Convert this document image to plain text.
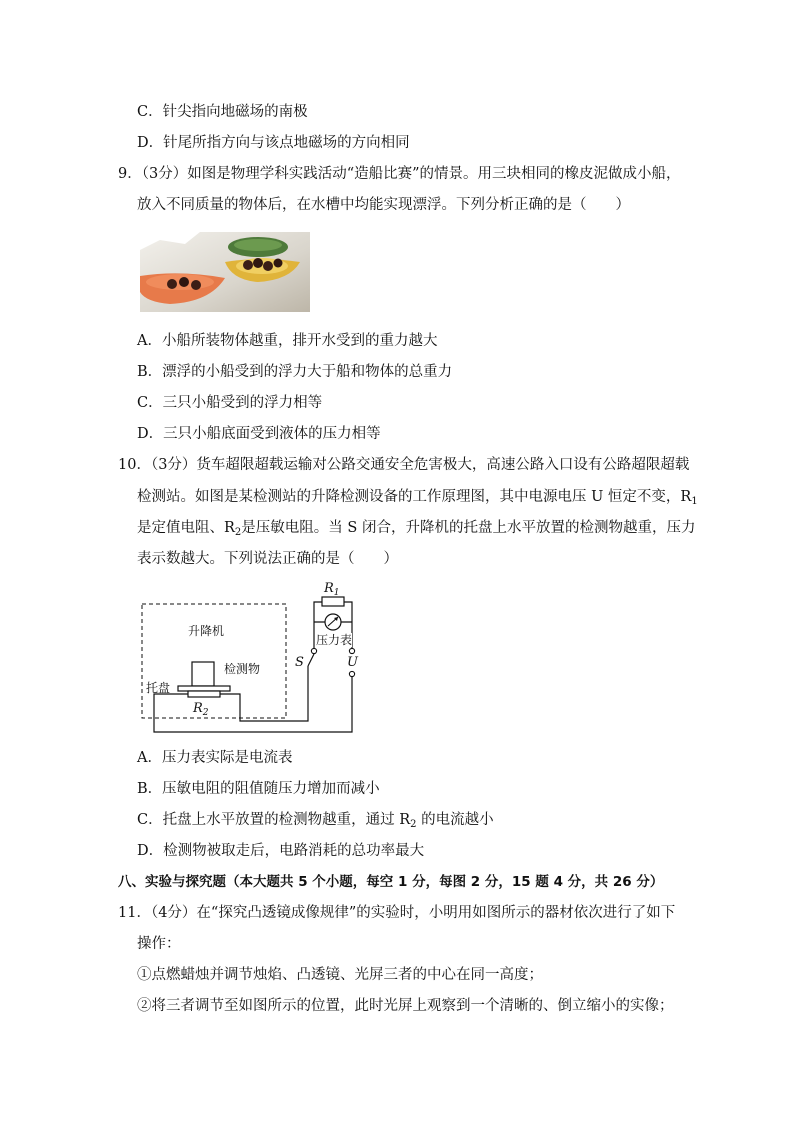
C．针尖指向地磁场的南极
D．针尾所指方向与该点地磁场的方向相同
9．（3分）如图是物理学科实践活动“造船比赛”的情景。用三块相同的橡皮泥做成小船，
放入不同质量的物体后，在水槽中均能实现漂浮。下列分析正确的是（　　）
A．小船所装物体越重，排开水受到的重力越大
B．漂浮的小船受到的浮力大于船和物体的总重力
C．三只小船受到的浮力相等
D．三只小船底面受到液体的压力相等
10．（3分）货车超限超载运输对公路交通安全危害极大，高速公路入口设有公路超限超载
检测站。如图是某检测站的升降检测设备的工作原理图，其中电源电压 U 恒定不变，$R_1$
是定值电阻、$R_2$是压敏电阻。当 S 闭合，升降机的托盘上水平放置的检测物越重，压力
表示数越大。下列说法正确的是（　　）
升降机
检测物
托盘
$R_2$
S	U
$R_1$
压力表
A．压力表实际是电流表
B．压敏电阻的阻值随压力增加而减小
C．托盘上水平放置的检测物越重，通过 $R_2$ 的电流越小
D．检测物被取走后，电路消耗的总功率最大
八、实验与探究题（本大题共 5 个小题，每空 1 分，每图 2 分，15 题 4 分，共 26 分）
11．（4分）在“探究凸透镜成像规律”的实验时，小明用如图所示的器材依次进行了如下
操作：
①点燃蜡烛并调节烛焰、凸透镜、光屏三者的中心在同一高度；
②将三者调节至如图所示的位置，此时光屏上观察到一个清晰的、倒立缩小的实像；
